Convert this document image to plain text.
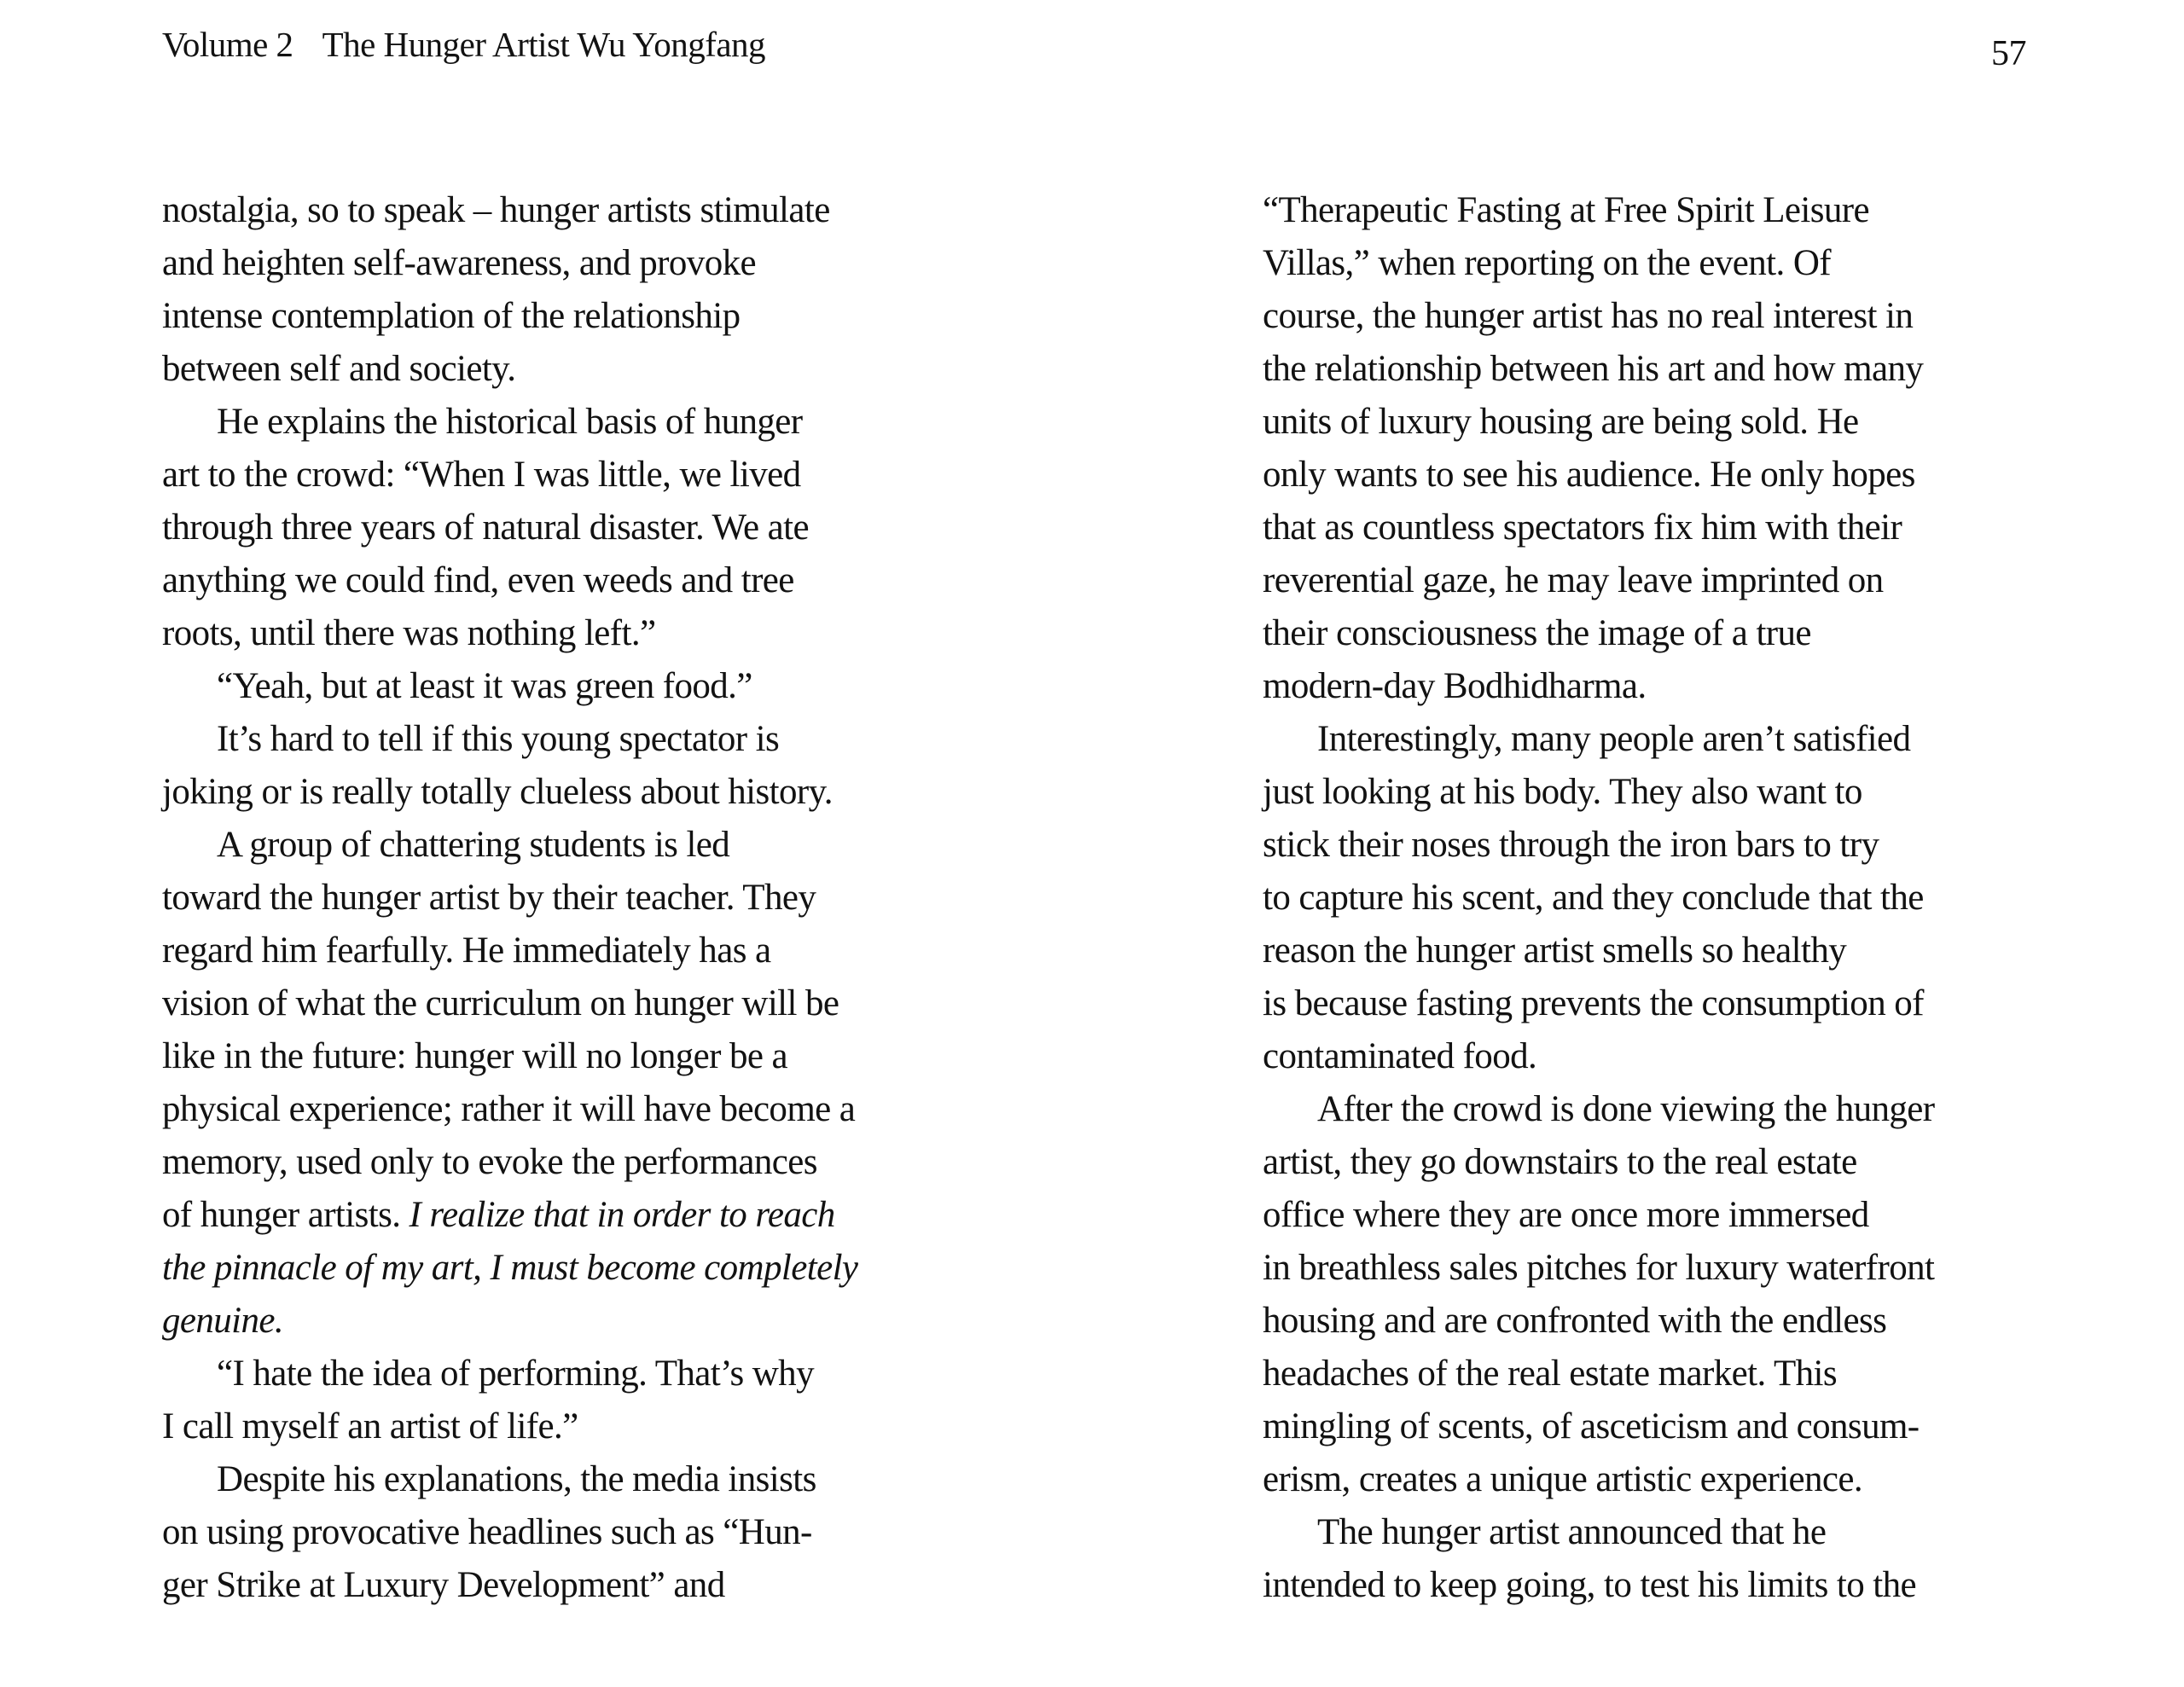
Volume 2 The Hunger Artist Wu Yongfang	57
nostalgia, so to speak – hunger artists stimulate
and heighten self-awareness, and provoke
intense contemplation of the relationship
between self and society.
He explains the historical basis of hunger
art to the crowd: “When I was little, we lived
through three years of natural disaster. We ate
anything we could find, even weeds and tree
roots, until there was nothing left.”
“Yeah, but at least it was green food.”
It’s hard to tell if this young spectator is
joking or is really totally clueless about history.
A group of chattering students is led
toward the hunger artist by their teacher. They
regard him fearfully. He immediately has a
vision of what the curriculum on hunger will be
like in the future: hunger will no longer be a
physical experience; rather it will have become a
memory, used only to evoke the performances
of hunger artists. I realize that in order to reach
the pinnacle of my art, I must become completely
genuine.
“I hate the idea of performing. That’s why
I call myself an artist of life.”
Despite his explanations, the media insists
on using provocative headlines such as “Hun-
ger Strike at Luxury Development” and
“Therapeutic Fasting at Free Spirit Leisure
Villas,” when reporting on the event. Of
course, the hunger artist has no real interest in
the relationship between his art and how many
units of luxury housing are being sold. He
only wants to see his audience. He only hopes
that as countless spectators fix him with their
reverential gaze, he may leave imprinted on
their consciousness the image of a true
modern-day Bodhidharma.
Interestingly, many people aren’t satisfied
just looking at his body. They also want to
stick their noses through the iron bars to try
to capture his scent, and they conclude that the
reason the hunger artist smells so healthy
is because fasting prevents the consumption of
contaminated food.
After the crowd is done viewing the hunger
artist, they go downstairs to the real estate
office where they are once more immersed
in breathless sales pitches for luxury waterfront
housing and are confronted with the endless
headaches of the real estate market. This
mingling of scents, of asceticism and consum-
erism, creates a unique artistic experience.
The hunger artist announced that he
intended to keep going, to test his limits to the
